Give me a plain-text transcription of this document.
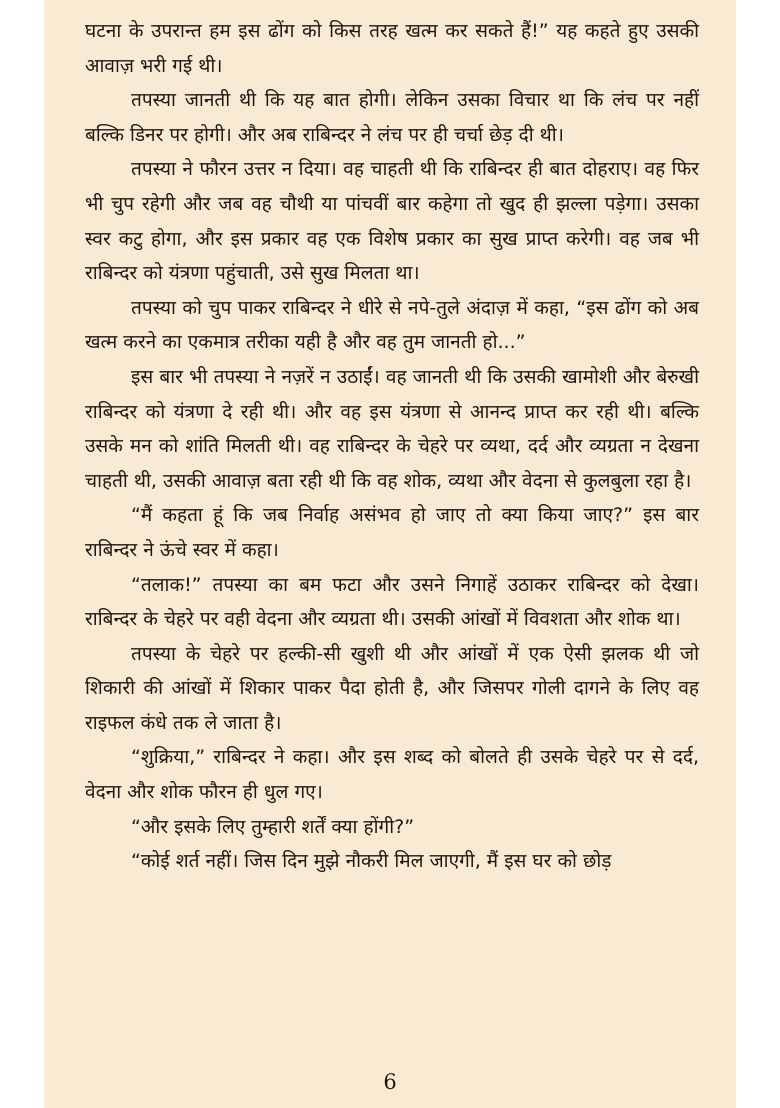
घटना के उपरान्त हम इस ढोंग को किस तरह खत्म कर सकते हैं!” यह कहते हुए उसकी आवाज़ भरी गई थी।

तपस्या जानती थी कि यह बात होगी। लेकिन उसका विचार था कि लंच पर नहीं बल्कि डिनर पर होगी। और अब राबिन्दर ने लंच पर ही चर्चा छेड़ दी थी।

तपस्या ने फौरन उत्तर न दिया। वह चाहती थी कि राबिन्दर ही बात दोहराए। वह फिर भी चुप रहेगी और जब वह चौथी या पांचवीं बार कहेगा तो खुद ही झल्ला पड़ेगा। उसका स्वर कटु होगा, और इस प्रकार वह एक विशेष प्रकार का सुख प्राप्त करेगी। वह जब भी राबिन्दर को यंत्रणा पहुंचाती, उसे सुख मिलता था।

तपस्या को चुप पाकर राबिन्दर ने धीरे से नपे-तुले अंदाज़ में कहा, “इस ढोंग को अब खत्म करने का एकमात्र तरीका यही है और वह तुम जानती हो...”

इस बार भी तपस्या ने नज़रें न उठाईं। वह जानती थी कि उसकी खामोशी और बेरुखी राबिन्दर को यंत्रणा दे रही थी। और वह इस यंत्रणा से आनन्द प्राप्त कर रही थी। बल्कि उसके मन को शांति मिलती थी। वह राबिन्दर के चेहरे पर व्यथा, दर्द और व्यग्रता न देखना चाहती थी, उसकी आवाज़ बता रही थी कि वह शोक, व्यथा और वेदना से कुलबुला रहा है।

“मैं कहता हूं कि जब निर्वाह असंभव हो जाए तो क्या किया जाए?” इस बार राबिन्दर ने ऊंचे स्वर में कहा।

“तलाक!” तपस्या का बम फटा और उसने निगाहें उठाकर राबिन्दर को देखा। राबिन्दर के चेहरे पर वही वेदना और व्यग्रता थी। उसकी आंखों में विवशता और शोक था।

तपस्या के चेहरे पर हल्की-सी खुशी थी और आंखों में एक ऐसी झलक थी जो शिकारी की आंखों में शिकार पाकर पैदा होती है, और जिसपर गोली दागने के लिए वह राइफल कंधे तक ले जाता है।

“शुक्रिया,” राबिन्दर ने कहा। और इस शब्द को बोलते ही उसके चेहरे पर से दर्द, वेदना और शोक फौरन ही धुल गए।

“और इसके लिए तुम्हारी शर्तें क्या होंगी?”

“कोई शर्त नहीं। जिस दिन मुझे नौकरी मिल जाएगी, मैं इस घर को छोड़

6
